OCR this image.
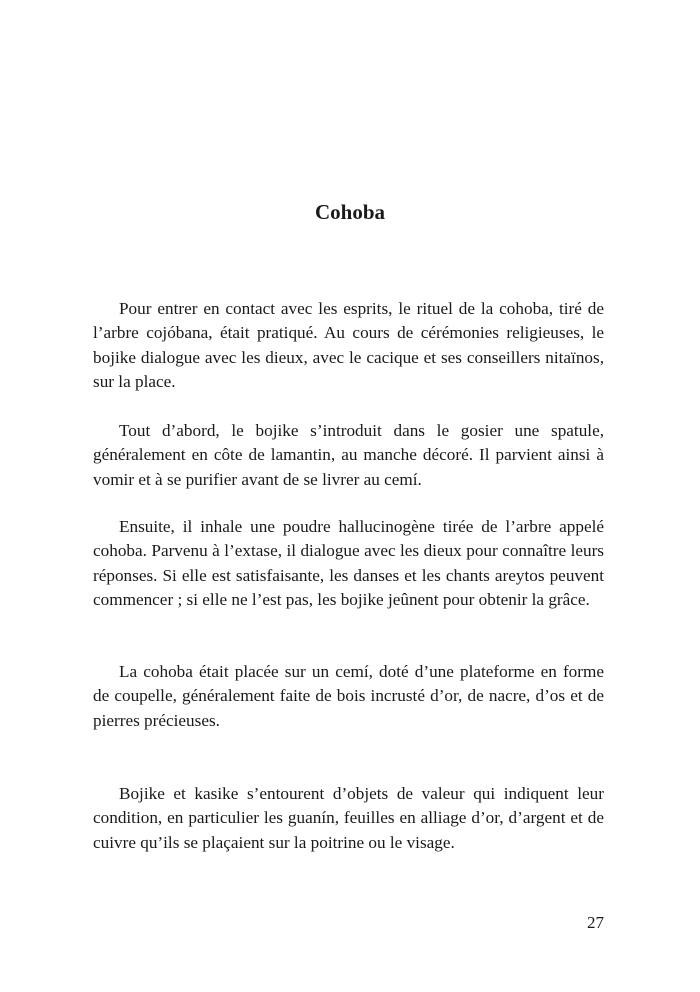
Cohoba

Pour entrer en contact avec les esprits, le rituel de la cohoba, tiré de l’arbre cojóbana, était pratiqué. Au cours de cérémonies religieuses, le bojike dialogue avec les dieux, avec le cacique et ses conseillers nitaïnos, sur la place.

Tout d’abord, le bojike s’introduit dans le gosier une spatule, généralement en côte de lamantin, au manche décoré. Il parvient ainsi à vomir et à se purifier avant de se livrer au cemí.

Ensuite, il inhale une poudre hallucinogène tirée de l’arbre appelé cohoba. Parvenu à l’extase, il dialogue avec les dieux pour connaître leurs réponses. Si elle est satisfaisante, les danses et les chants areytos peuvent commencer ; si elle ne l’est pas, les bojike jeûnent pour obtenir la grâce.

La cohoba était placée sur un cemí, doté d’une plateforme en forme de coupelle, généralement faite de bois incrusté d’or, de nacre, d’os et de pierres précieuses.

Bojike et kasike s’entourent d’objets de valeur qui indiquent leur condition, en particulier les guanín, feuilles en alliage d’or, d’argent et de cuivre qu’ils se plaçaient sur la poitrine ou le visage.

27
